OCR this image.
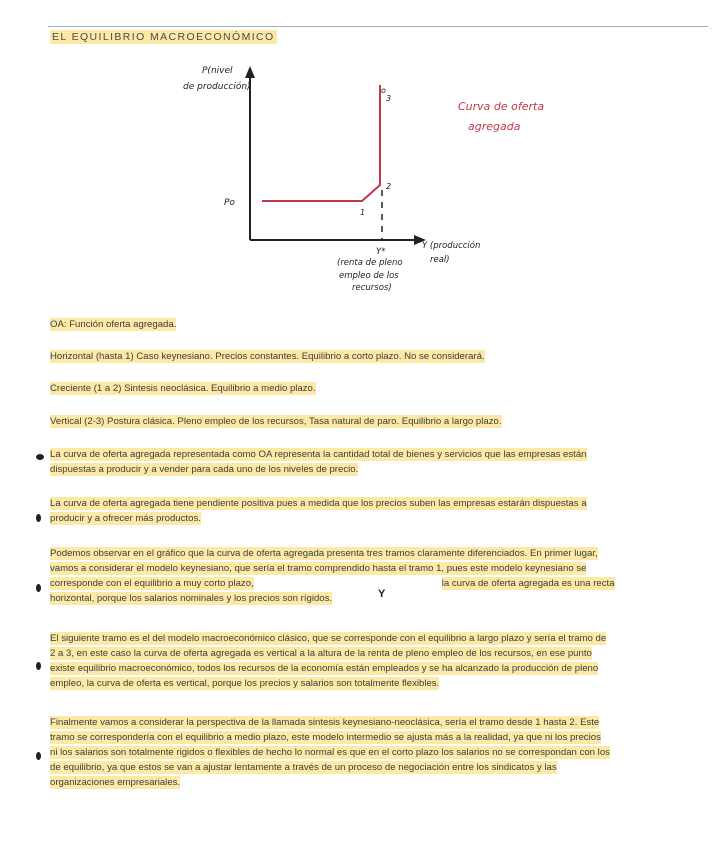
EL EQUILIBRIO MACROECONÓMICO
P(nivel
de producción)
Po
1
2
3
o
Curva de oferta
agregada
Y (producción
real)
Y*
(renta de pleno
empleo de los
recursos)
OA: Función oferta agregada.
Horizontal (hasta 1) Caso keynesiano. Precios constantes. Equilibrio a corto plazo. No se considerará.
Creciente (1 a 2) Sintesis neoclásica. Equilibrio a medio plazo.
Vertical (2-3) Postura clásica. Pleno empleo de los recursos, Tasa natural de paro. Equilibrio a largo plazo.
La curva de oferta agregada representada como OA representa la cantidad total de bienes y servicios que las empresas están
dispuestas a producir y a vender para cada uno de los niveles de precio.
La curva de oferta agregada tiene pendiente positiva pues a medida que los precios suben las empresas estarán dispuestas a
producir y a ofrecer más productos.
Podemos observar en el gráfico que la curva de oferta agregada presenta tres tramos claramente diferenciados. En primer lugar,
vamos a considerar el modelo keynesiano, que sería el tramo comprendido hasta el tramo 1, pues este modelo keynesiano se
corresponde con el equilibrio a muy corto plazo,	la curva de oferta agregada es una recta
horizontal, porque los salarios nominales y los precios son rígidos.	Y
El siguiente tramo es el del modelo macroeconómico clásico, que se corresponde con el equilibrio a largo plazo y sería el tramo de
2 a 3, en este caso la curva de oferta agregada es vertical a la altura de la renta de pleno empleo de los recursos, en ese punto
existe equilibrio macroeconómico, todos los recursos de la economía están empleados y se ha alcanzado la producción de pleno
empleo, la curva de oferta es vertical, porque los precios y salarios son totalmente flexibles.
Finalmente vamos a considerar la perspectiva de la llamada sintesis keynesiano-neoclásica, sería el tramo desde 1 hasta 2. Este
tramo se correspondería con el equilibrio a medio plazo, este modelo intermedio se ajusta más a la realidad, ya que ni los precios
ni los salarios son totalmente rigidos o flexibles de hecho lo normal es que en el corto plazo los salarios no se correspondan con los
de equilibrio, ya que estos se van a ajustar lentamente a través de un proceso de negociación entre los sindicatos y las
organizaciones empresariales.
